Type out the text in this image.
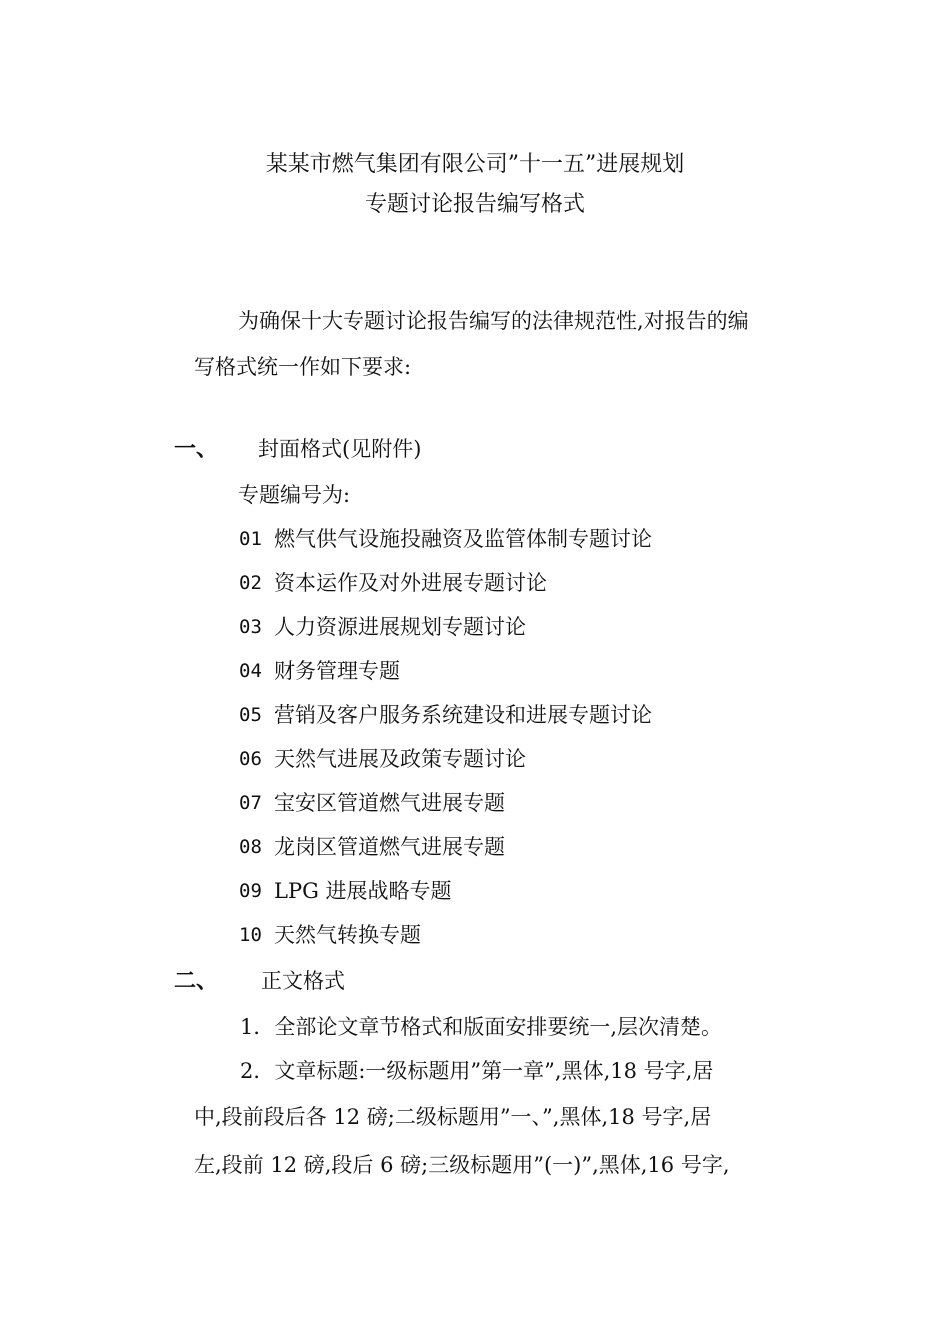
某某市燃气集团有限公司”十一五”进展规划
专题讨论报告编写格式
为确保十大专题讨论报告编写的法律规范性,对报告的编
写格式统一作如下要求:
一、 封面格式(见附件)
专题编号为:
01 燃气供气设施投融资及监管体制专题讨论
02 资本运作及对外进展专题讨论
03 人力资源进展规划专题讨论
04 财务管理专题
05 营销及客户服务系统建设和进展专题讨论
06 天然气进展及政策专题讨论
07 宝安区管道燃气进展专题
08 龙岗区管道燃气进展专题
09 LPG 进展战略专题
10 天然气转换专题
二、 正文格式
1．全部论文章节格式和版面安排要统一,层次清楚。
2．文章标题:一级标题用”第一章”,黑体,18 号字,居
中,段前段后各 12 磅;二级标题用”一、”,黑体,18 号字,居
左,段前 12 磅,段后 6 磅;三级标题用”(一)”,黑体,16 号字,
